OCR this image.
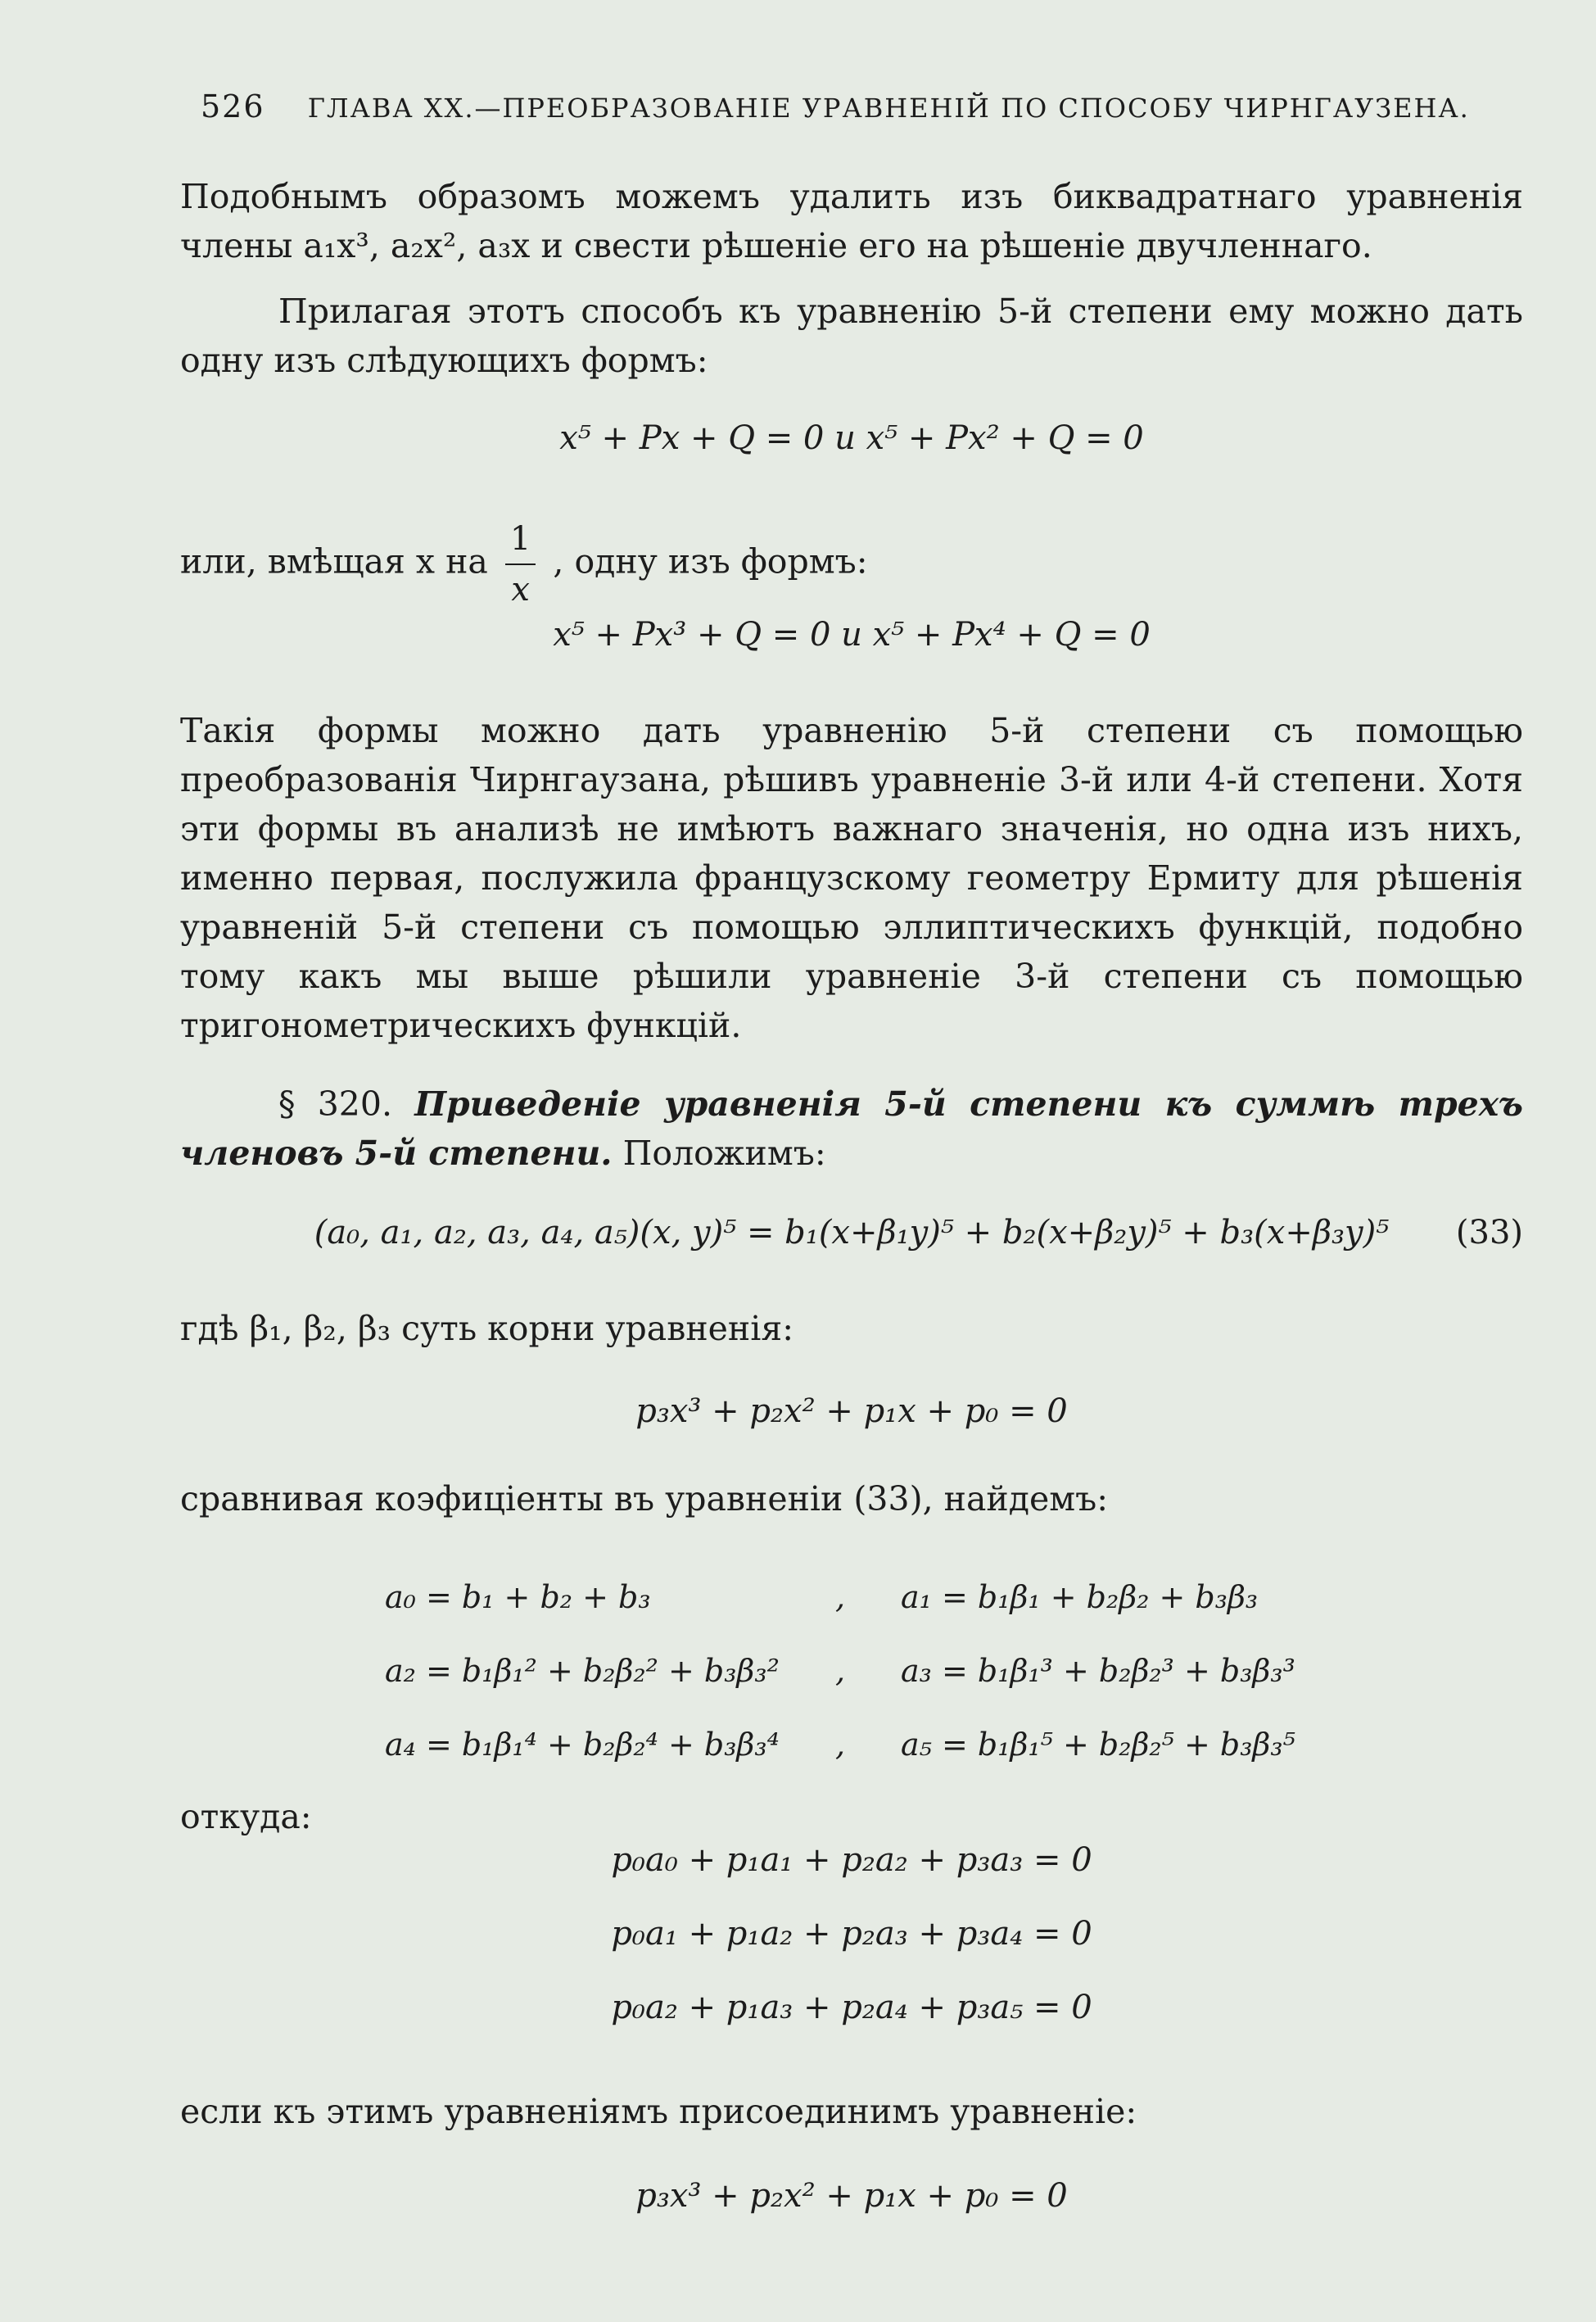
526 ГЛАВА XX.—ПРЕОБРАЗОВАНІЕ УРАВНЕНІЙ ПО СПОСОБУ ЧИРНГАУЗЕНА.
Подобнымъ образомъ можемъ удалить изъ биквадратнаго уравненія члены a₁x³, a₂x², a₃x и свести рѣшеніе его на рѣшеніе двучленнаго.
Прилагая этотъ способъ къ уравненію 5-й степени ему можно дать одну изъ слѣдующихъ формъ:
x⁵ + Px + Q = 0 и x⁵ + Px² + Q = 0
или, вмѣщая x на $\frac{1}{x}$ , одну изъ формъ:
x⁵ + Px³ + Q = 0 и x⁵ + Px⁴ + Q = 0
Такія формы можно дать уравненію 5-й степени съ помощью преобразованія Чирнгаузана, рѣшивъ уравненіе 3-й или 4-й степени. Хотя эти формы въ анализѣ не имѣютъ важнаго значенія, но одна изъ нихъ, именно первая, послужила французскому геометру Ермиту для рѣшенія уравненій 5-й степени съ помощью эллиптическихъ функцій, подобно тому какъ мы выше рѣшили уравненіе 3-й степени съ помощью тригонометрическихъ функцій.
§ 320. Приведеніе уравненія 5-й степени къ суммѣ трехъ членовъ 5-й степени. Положимъ:
(a₀, a₁, a₂, a₃, a₄, a₅)(x, y)⁵ = b₁(x+β₁y)⁵ + b₂(x+β₂y)⁵ + b₃(x+β₃y)⁵ (33)
гдѣ β₁, β₂, β₃ суть корни уравненія:
p₃x³ + p₂x² + p₁x + p₀ = 0
сравнивая коэфиціенты въ уравненіи (33), найдемъ:
a₀ = b₁ + b₂ + b₃	, a₁ = b₁β₁ + b₂β₂ + b₃β₃
a₂ = b₁β₁² + b₂β₂² + b₃β₃² , a₃ = b₁β₁³ + b₂β₂³ + b₃β₃³
a₄ = b₁β₁⁴ + b₂β₂⁴ + b₃β₃⁴ , a₅ = b₁β₁⁵ + b₂β₂⁵ + b₃β₃⁵
откуда:
p₀a₀ + p₁a₁ + p₂a₂ + p₃a₃ = 0
p₀a₁ + p₁a₂ + p₂a₃ + p₃a₄ = 0
p₀a₂ + p₁a₃ + p₂a₄ + p₃a₅ = 0
если къ этимъ уравненіямъ присоединимъ уравненіе:
p₃x³ + p₂x² + p₁x + p₀ = 0
